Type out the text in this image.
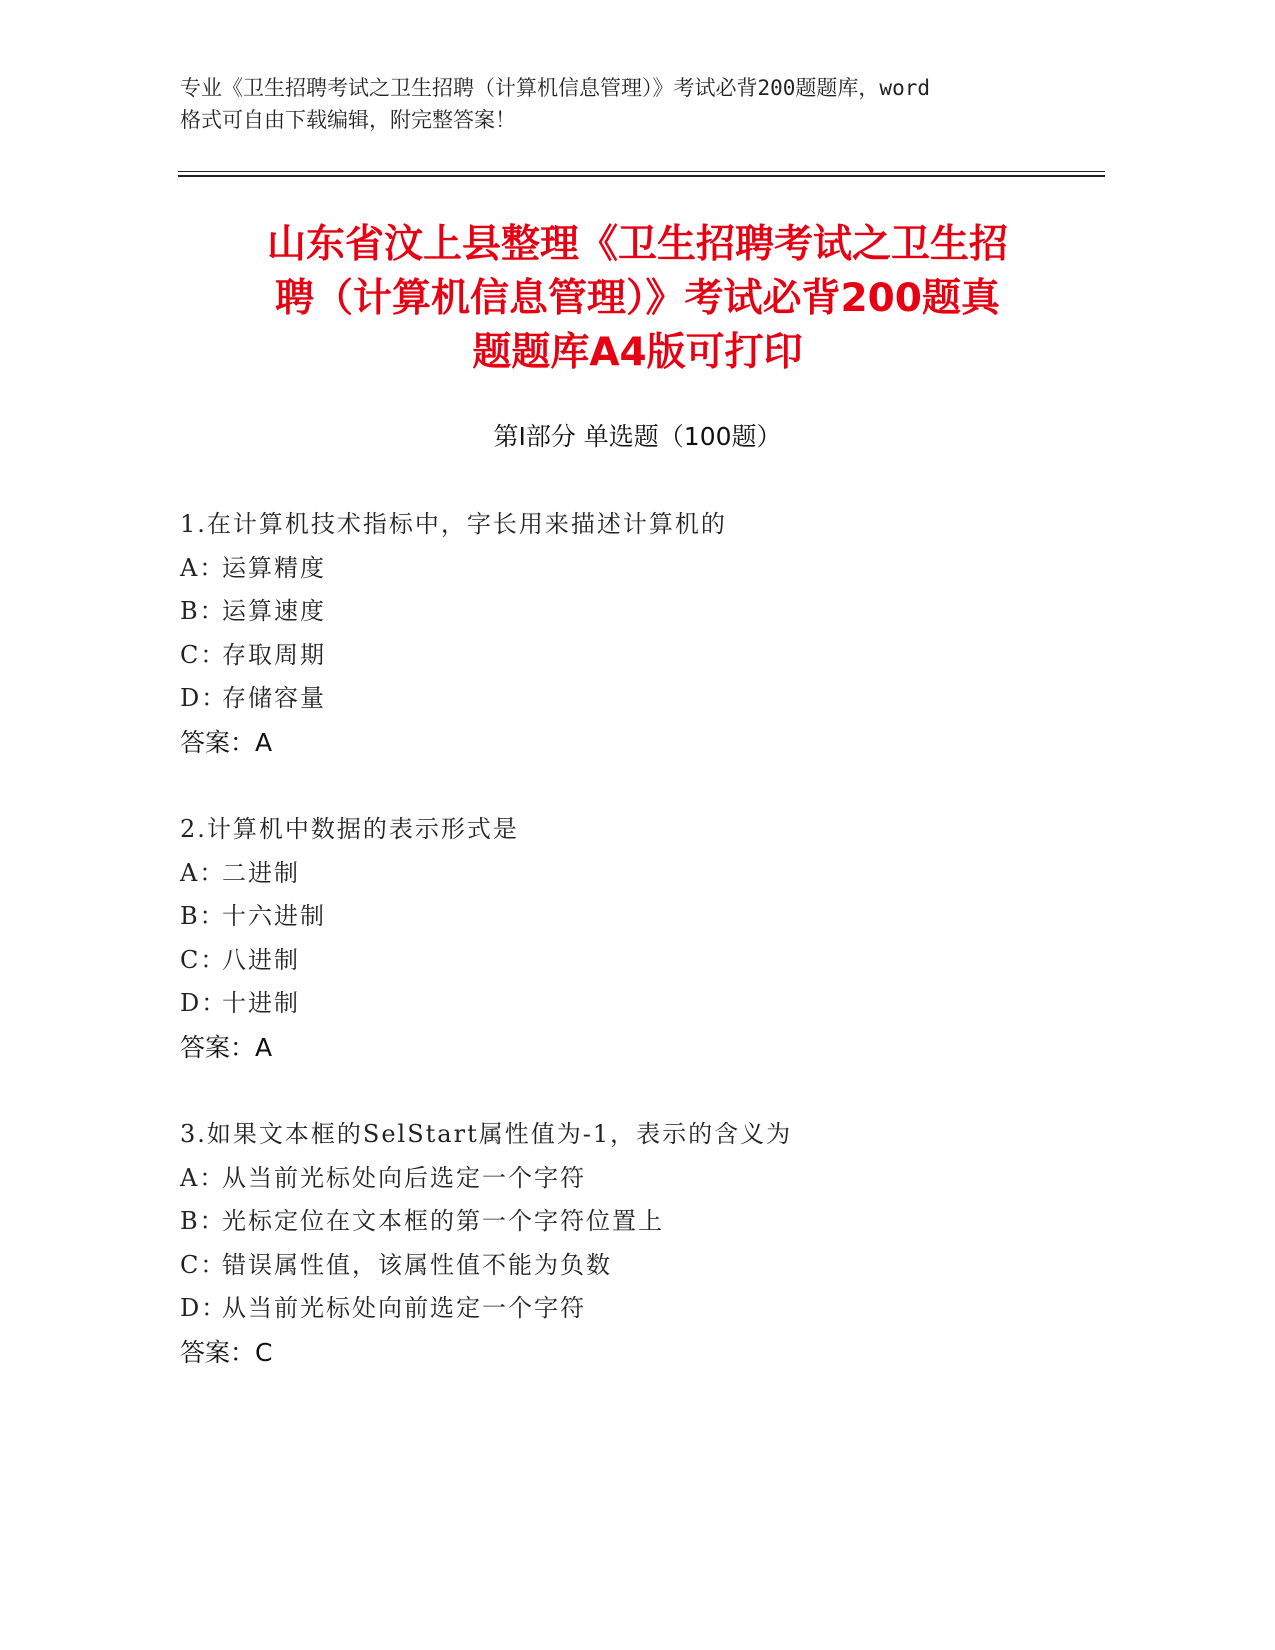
专业《卫生招聘考试之卫生招聘（计算机信息管理）》考试必背200题题库，word
格式可自由下载编辑，附完整答案！
山东省汶上县整理《卫生招聘考试之卫生招
聘（计算机信息管理）》考试必背200题真
题题库A4版可打印
第Ⅰ部分 单选题（100题）
1.在计算机技术指标中，字长用来描述计算机的
A：运算精度
B：运算速度
C：存取周期
D：存储容量
答案：A
2.计算机中数据的表示形式是
A：二进制
B：十六进制
C：八进制
D：十进制
答案：A
3.如果文本框的SelStart属性值为-1，表示的含义为
A：从当前光标处向后选定一个字符
B：光标定位在文本框的第一个字符位置上
C：错误属性值，该属性值不能为负数
D：从当前光标处向前选定一个字符
答案：C
